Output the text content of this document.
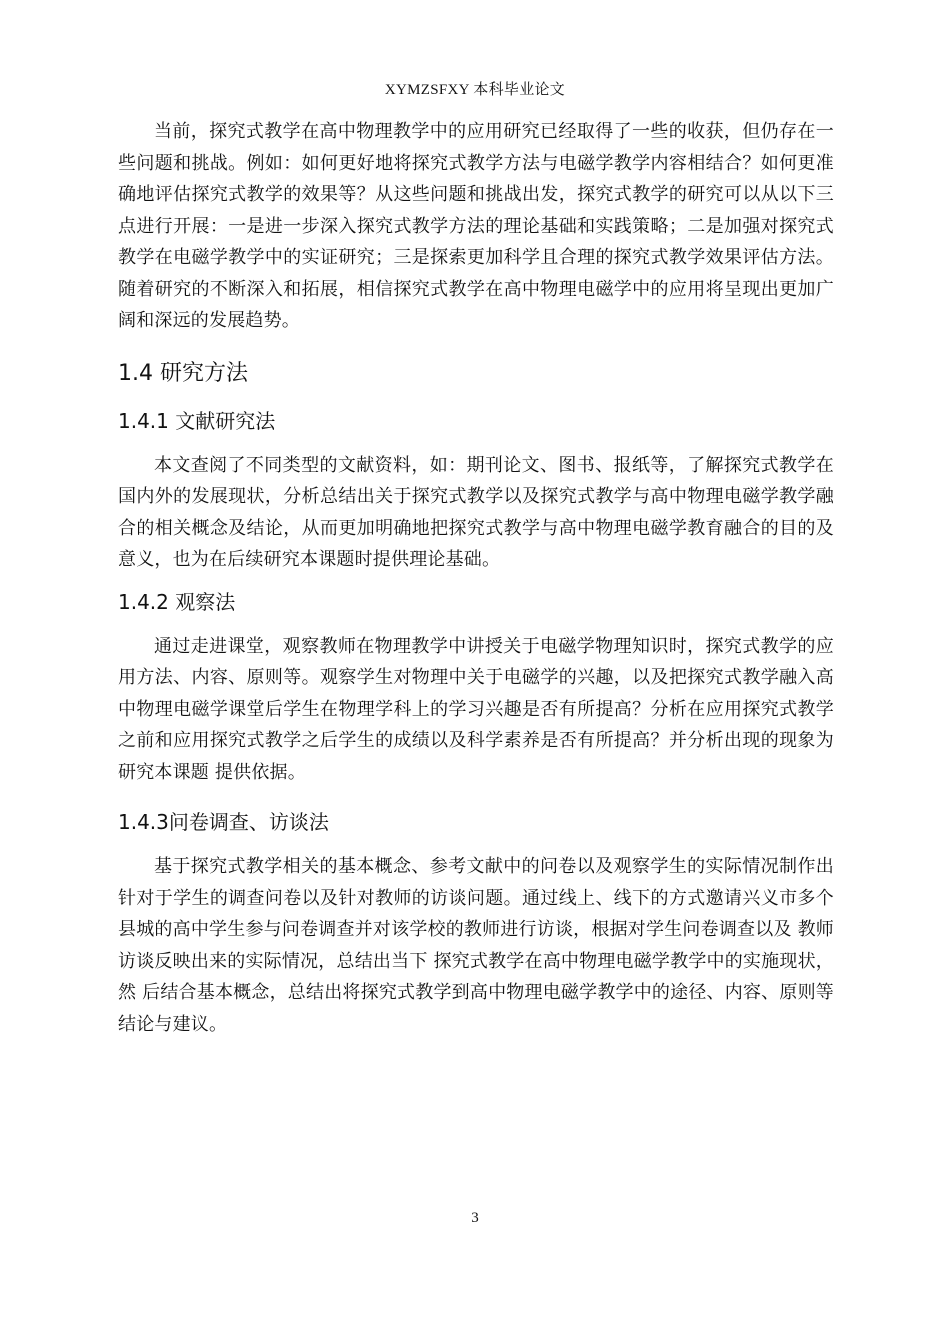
XYMZSFXY 本科毕业论文

当前，探究式教学在高中物理教学中的应用研究已经取得了一些的收获，但仍存在一些问题和挑战。例如：如何更好地将探究式教学方法与电磁学教学内容相结合？如何更准确地评估探究式教学的效果等？从这些问题和挑战出发，探究式教学的研究可以从以下三点进行开展：一是进一步深入探究式教学方法的理论基础和实践策略；二是加强对探究式教学在电磁学教学中的实证研究；三是探索更加科学且合理的探究式教学效果评估方法。随着研究的不断深入和拓展，相信探究式教学在高中物理电磁学中的应用将呈现出更加广阔和深远的发展趋势。

1.4 研究方法
1.4.1 文献研究法

本文查阅了不同类型的文献资料，如：期刊论文、图书、报纸等，了解探究式教学在国内外的发展现状，分析总结出关于探究式教学以及探究式教学与高中物理电磁学教学融合的相关概念及结论，从而更加明确地把探究式教学与高中物理电磁学教育融合的目的及意义，也为在后续研究本课题时提供理论基础。

1.4.2 观察法

通过走进课堂，观察教师在物理教学中讲授关于电磁学物理知识时，探究式教学的应用方法、内容、原则等。观察学生对物理中关于电磁学的兴趣，以及把探究式教学融入高中物理电磁学课堂后学生在物理学科上的学习兴趣是否有所提高？分析在应用探究式教学之前和应用探究式教学之后学生的成绩以及科学素养是否有所提高？并分析出现的现象为研究本课题 提供依据。

1.4.3问卷调查、访谈法

基于探究式教学相关的基本概念、参考文献中的问卷以及观察学生的实际情况制作出 针对于学生的调查问卷以及针对教师的访谈问题。通过线上、线下的方式邀请兴义市多个县城的高中学生参与问卷调查并对该学校的教师进行访谈，根据对学生问卷调查以及 教师访谈反映出来的实际情况，总结出当下 探究式教学在高中物理电磁学教学中的实施现状，然 后结合基本概念，总结出将探究式教学到高中物理电磁学教学中的途径、内容、原则等结论与建议。

3
